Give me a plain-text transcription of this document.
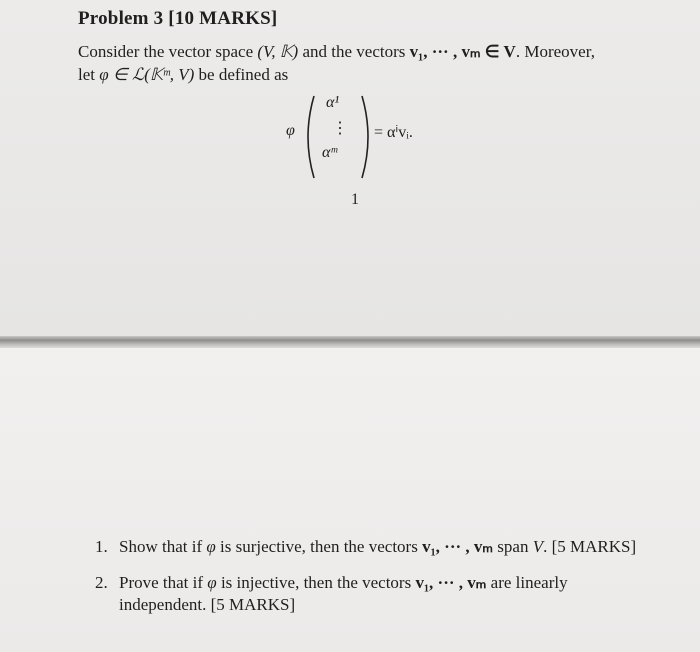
Problem 3 [10 MARKS]
Consider the vector space (V, 𝕂) and the vectors v₁, ··· , vₘ ∈ V. Moreover,
let φ ∈ ℒ(𝕂ᵐ, V) be defined as
φ
α¹
⋮
αᵐ
= αⁱvᵢ.
1
1. Show that if φ is surjective, then the vectors v₁, ··· , vₘ span V. [5 MARKS]
2. Prove that if φ is injective, then the vectors v₁, ··· , vₘ are linearly independent. [5 MARKS]
